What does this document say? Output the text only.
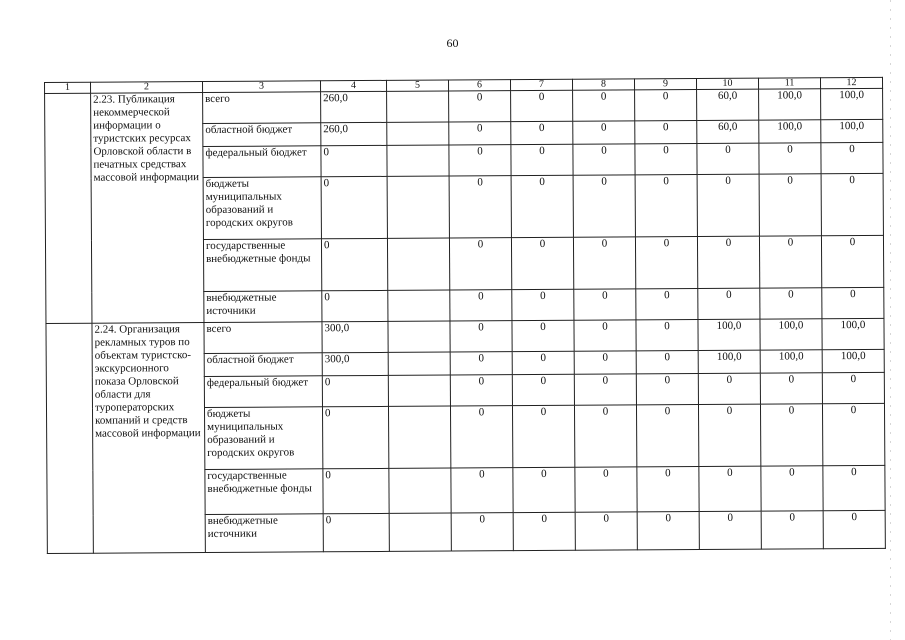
60
1	2	3	4	5	6	7	8	9	10	11	12
	2.23. Публикация некоммерческой информации о туристских ресурсах Орловской области в печатных средствах массовой информации	всего	260,0		0	0	0	0	60,0	100,0	100,0
		областной бюджет	260,0		0	0	0	0	60,0	100,0	100,0
		федеральный бюджет	0		0	0	0	0	0	0	0
		бюджеты муниципальных образований и городских округов	0		0	0	0	0	0	0	0
		государственные внебюджетные фонды	0		0	0	0	0	0	0	0
		внебюджетные источники	0		0	0	0	0	0	0	0
	2.24. Организация рекламных туров по объектам туристско-экскурсионного показа Орловской области для туроператорских компаний и средств массовой информации	всего	300,0		0	0	0	0	100,0	100,0	100,0
		областной бюджет	300,0		0	0	0	0	100,0	100,0	100,0
		федеральный бюджет	0		0	0	0	0	0	0	0
		бюджеты муниципальных образований и городских округов	0		0	0	0	0	0	0	0
		государственные внебюджетные фонды	0		0	0	0	0	0	0	0
		внебюджетные источники	0		0	0	0	0	0	0	0
